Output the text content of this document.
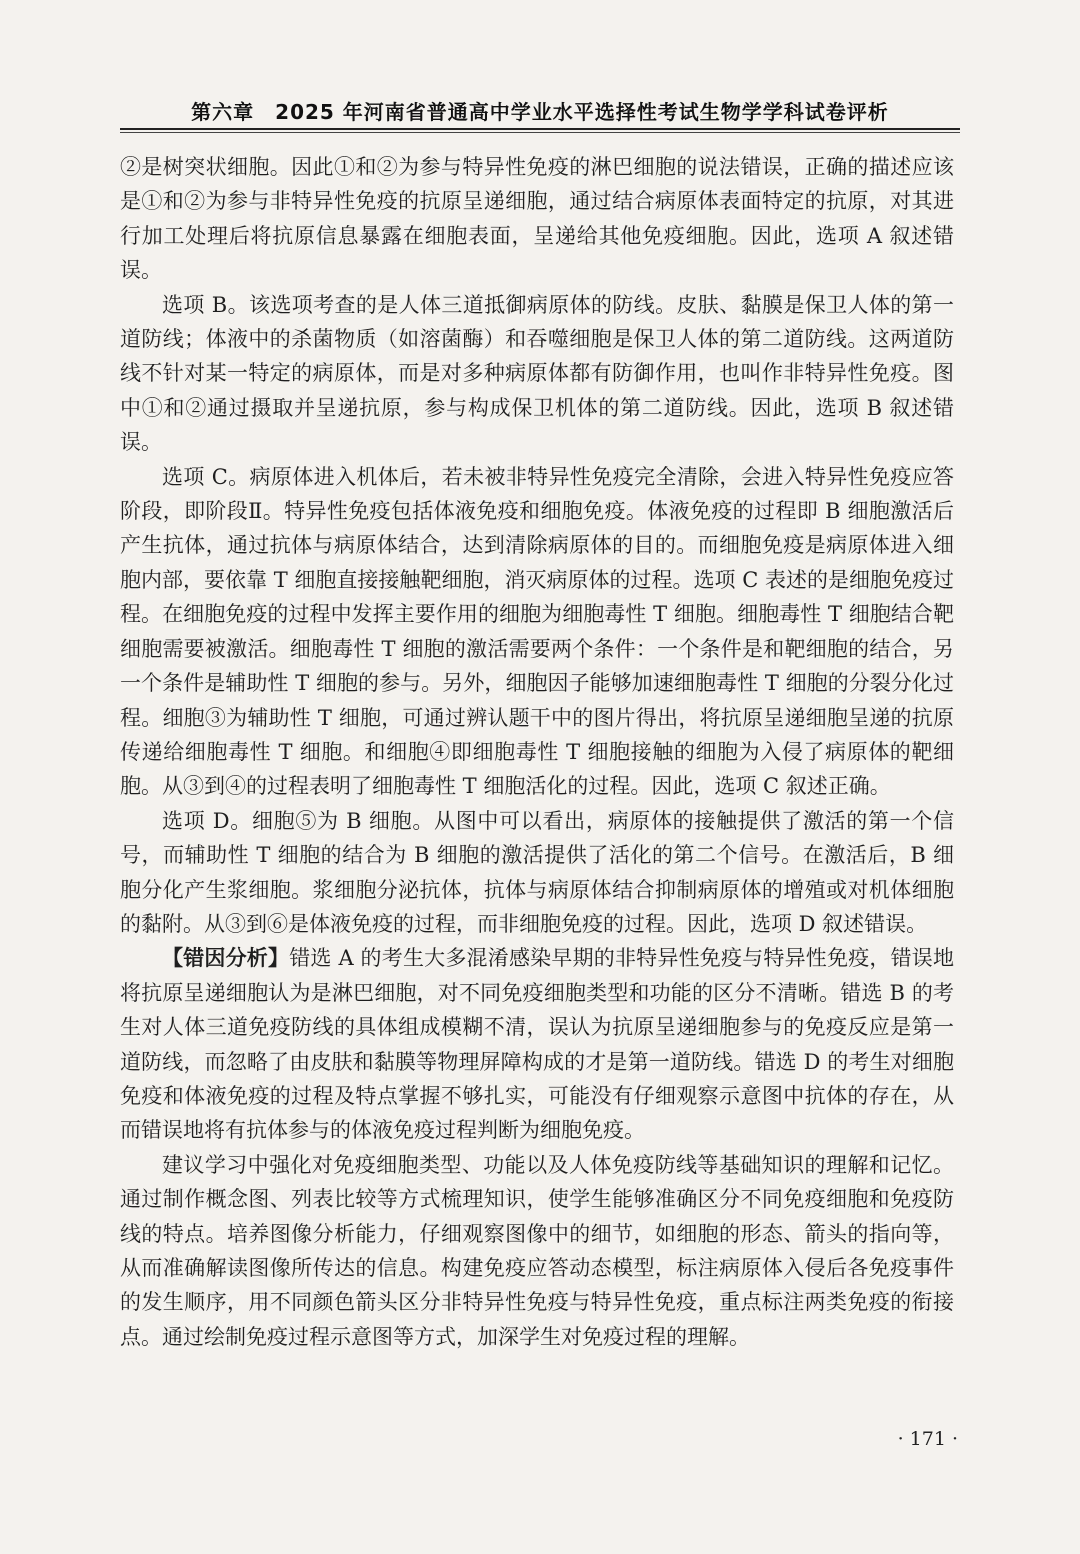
第六章　2025 年河南省普通高中学业水平选择性考试生物学学科试卷评析

②是树突状细胞。因此①和②为参与特异性免疫的淋巴细胞的说法错误，正确的描述应该是①和②为参与非特异性免疫的抗原呈递细胞，通过结合病原体表面特定的抗原，对其进行加工处理后将抗原信息暴露在细胞表面，呈递给其他免疫细胞。因此，选项 A 叙述错误。

选项 B。该选项考查的是人体三道抵御病原体的防线。皮肤、黏膜是保卫人体的第一道防线；体液中的杀菌物质（如溶菌酶）和吞噬细胞是保卫人体的第二道防线。这两道防线不针对某一特定的病原体，而是对多种病原体都有防御作用，也叫作非特异性免疫。图中①和②通过摄取并呈递抗原，参与构成保卫机体的第二道防线。因此，选项 B 叙述错误。

选项 C。病原体进入机体后，若未被非特异性免疫完全清除，会进入特异性免疫应答阶段，即阶段Ⅱ。特异性免疫包括体液免疫和细胞免疫。体液免疫的过程即 B 细胞激活后产生抗体，通过抗体与病原体结合，达到清除病原体的目的。而细胞免疫是病原体进入细胞内部，要依靠 T 细胞直接接触靶细胞，消灭病原体的过程。选项 C 表述的是细胞免疫过程。在细胞免疫的过程中发挥主要作用的细胞为细胞毒性 T 细胞。细胞毒性 T 细胞结合靶细胞需要被激活。细胞毒性 T 细胞的激活需要两个条件：一个条件是和靶细胞的结合，另一个条件是辅助性 T 细胞的参与。另外，细胞因子能够加速细胞毒性 T 细胞的分裂分化过程。细胞③为辅助性 T 细胞，可通过辨认题干中的图片得出，将抗原呈递细胞呈递的抗原传递给细胞毒性 T 细胞。和细胞④即细胞毒性 T 细胞接触的细胞为入侵了病原体的靶细胞。从③到④的过程表明了细胞毒性 T 细胞活化的过程。因此，选项 C 叙述正确。

选项 D。细胞⑤为 B 细胞。从图中可以看出，病原体的接触提供了激活的第一个信号，而辅助性 T 细胞的结合为 B 细胞的激活提供了活化的第二个信号。在激活后，B 细胞分化产生浆细胞。浆细胞分泌抗体，抗体与病原体结合抑制病原体的增殖或对机体细胞的黏附。从③到⑥是体液免疫的过程，而非细胞免疫的过程。因此，选项 D 叙述错误。

【错因分析】错选 A 的考生大多混淆感染早期的非特异性免疫与特异性免疫，错误地将抗原呈递细胞认为是淋巴细胞，对不同免疫细胞类型和功能的区分不清晰。错选 B 的考生对人体三道免疫防线的具体组成模糊不清，误认为抗原呈递细胞参与的免疫反应是第一道防线，而忽略了由皮肤和黏膜等物理屏障构成的才是第一道防线。错选 D 的考生对细胞免疫和体液免疫的过程及特点掌握不够扎实，可能没有仔细观察示意图中抗体的存在，从而错误地将有抗体参与的体液免疫过程判断为细胞免疫。

建议学习中强化对免疫细胞类型、功能以及人体免疫防线等基础知识的理解和记忆。通过制作概念图、列表比较等方式梳理知识，使学生能够准确区分不同免疫细胞和免疫防线的特点。培养图像分析能力，仔细观察图像中的细节，如细胞的形态、箭头的指向等，从而准确解读图像所传达的信息。构建免疫应答动态模型，标注病原体入侵后各免疫事件的发生顺序，用不同颜色箭头区分非特异性免疫与特异性免疫，重点标注两类免疫的衔接点。通过绘制免疫过程示意图等方式，加深学生对免疫过程的理解。

· 171 ·
